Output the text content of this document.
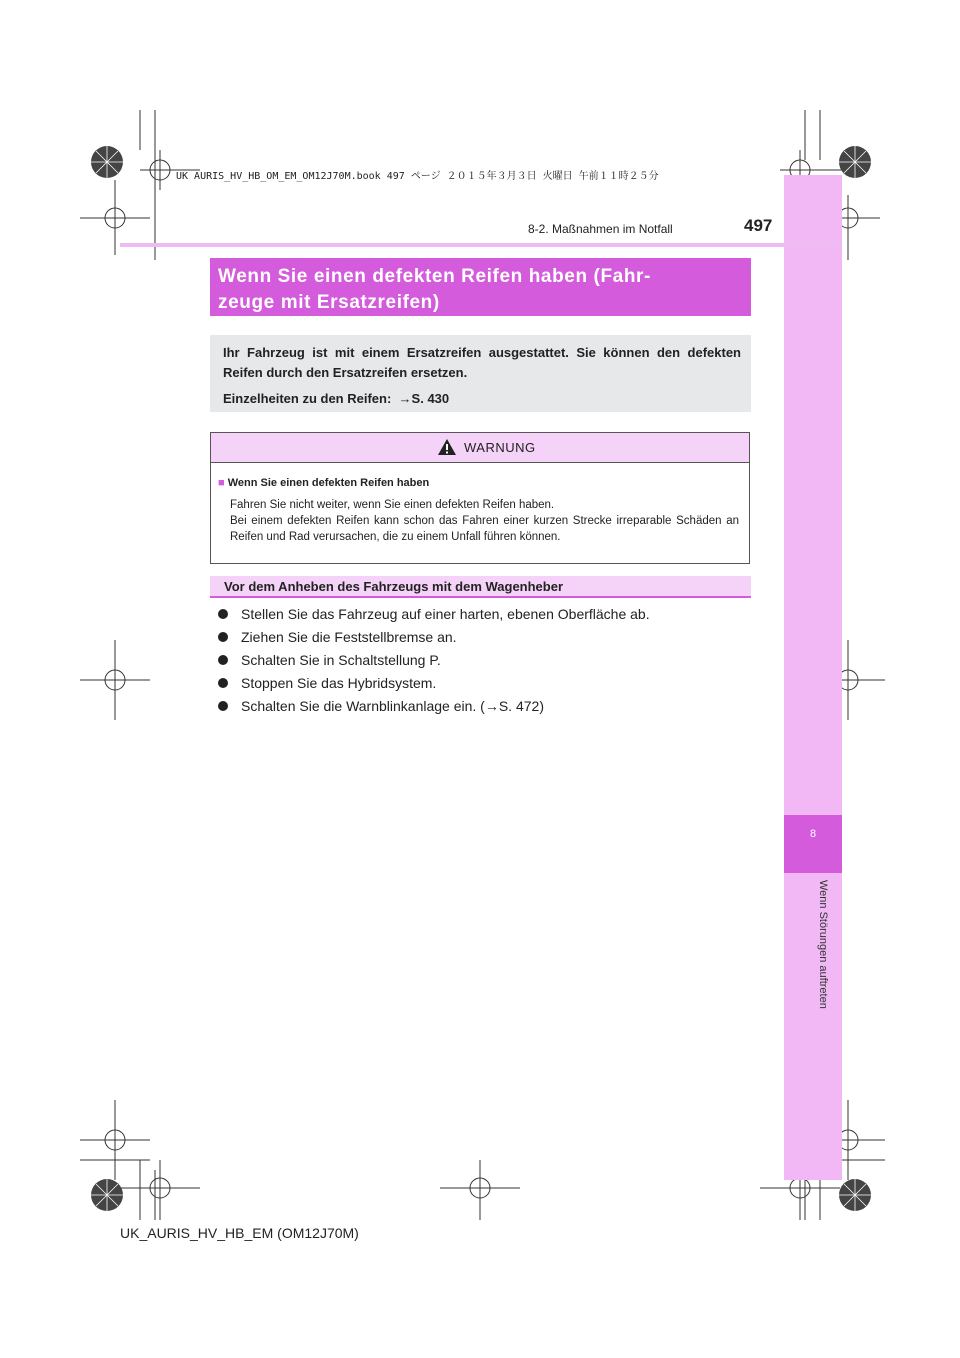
UK AURIS_HV_HB_OM_EM_OM12J70M.book 497 ページ ２０１５年３月３日 火曜日 午前１１時２５分
8
Wenn Störungen auftreten
8-2. Maßnahmen im Notfall	497
Wenn Sie einen defekten Reifen haben (Fahr-
zeuge mit Ersatzreifen)

Ihr Fahrzeug ist mit einem Ersatzreifen ausgestattet. Sie können den defekten Reifen durch den Ersatzreifen ersetzen.

Einzelheiten zu den Reifen:  →S. 430
WARNUNG
■ Wenn Sie einen defekten Reifen haben
Fahren Sie nicht weiter, wenn Sie einen defekten Reifen haben.
Bei einem defekten Reifen kann schon das Fahren einer kurzen Strecke irreparable Schäden an Reifen und Rad verursachen, die zu einem Unfall führen können.
Vor dem Anheben des Fahrzeugs mit dem Wagenheber
Stellen Sie das Fahrzeug auf einer harten, ebenen Oberfläche ab.
Ziehen Sie die Feststellbremse an.
Schalten Sie in Schaltstellung P.
Stoppen Sie das Hybridsystem.
Schalten Sie die Warnblinkanlage ein. (→S. 472)
UK_AURIS_HV_HB_EM (OM12J70M)
